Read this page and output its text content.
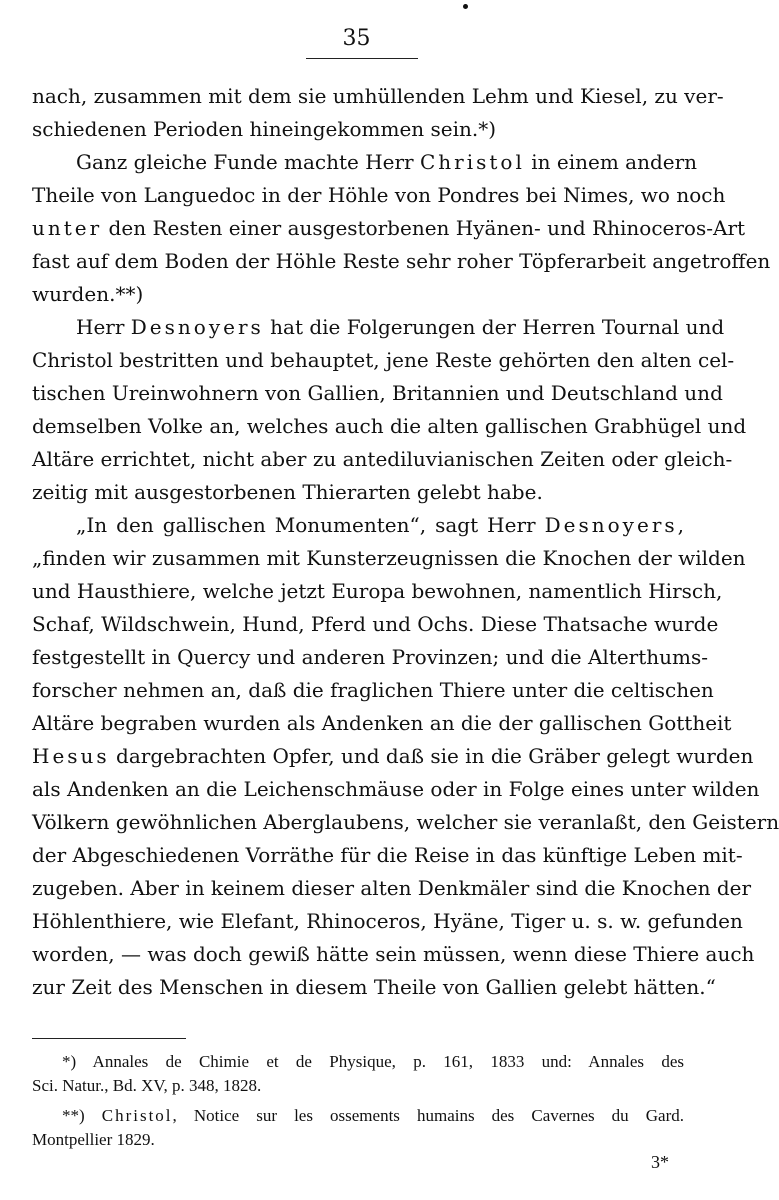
35
nach, zusammen mit dem sie umhüllenden Lehm und Kiesel, zu ver-
schiedenen Perioden hineingekommen sein.*)
Ganz gleiche Funde machte Herr Christol in einem andern
Theile von Languedoc in der Höhle von Pondres bei Nimes, wo noch
unter den Resten einer ausgestorbenen Hyänen- und Rhinoceros-Art
fast auf dem Boden der Höhle Reste sehr roher Töpferarbeit angetroffen
wurden.**)
Herr Desnoyers hat die Folgerungen der Herren Tournal und
Christol bestritten und behauptet, jene Reste gehörten den alten cel-
tischen Ureinwohnern von Gallien, Britannien und Deutschland und
demselben Volke an, welches auch die alten gallischen Grabhügel und
Altäre errichtet, nicht aber zu antediluvianischen Zeiten oder gleich-
zeitig mit ausgestorbenen Thierarten gelebt habe.
„In den gallischen Monumenten“, sagt Herr Desnoyers,
„finden wir zusammen mit Kunsterzeugnissen die Knochen der wilden
und Hausthiere, welche jetzt Europa bewohnen, namentlich Hirsch,
Schaf, Wildschwein, Hund, Pferd und Ochs. Diese Thatsache wurde
festgestellt in Quercy und anderen Provinzen; und die Alterthums-
forscher nehmen an, daß die fraglichen Thiere unter die celtischen
Altäre begraben wurden als Andenken an die der gallischen Gottheit
Hesus dargebrachten Opfer, und daß sie in die Gräber gelegt wurden
als Andenken an die Leichenschmäuse oder in Folge eines unter wilden
Völkern gewöhnlichen Aberglaubens, welcher sie veranlaßt, den Geistern
der Abgeschiedenen Vorräthe für die Reise in das künftige Leben mit-
zugeben. Aber in keinem dieser alten Denkmäler sind die Knochen der
Höhlenthiere, wie Elefant, Rhinoceros, Hyäne, Tiger u. s. w. gefunden
worden, — was doch gewiß hätte sein müssen, wenn diese Thiere auch
zur Zeit des Menschen in diesem Theile von Gallien gelebt hätten.“
*) Annales de Chimie et de Physique, p. 161, 1833 und: Annales des
Sci. Natur., Bd. XV, p. 348, 1828.
**) Christol, Notice sur les ossements humains des Cavernes du Gard.
Montpellier 1829.
3*
